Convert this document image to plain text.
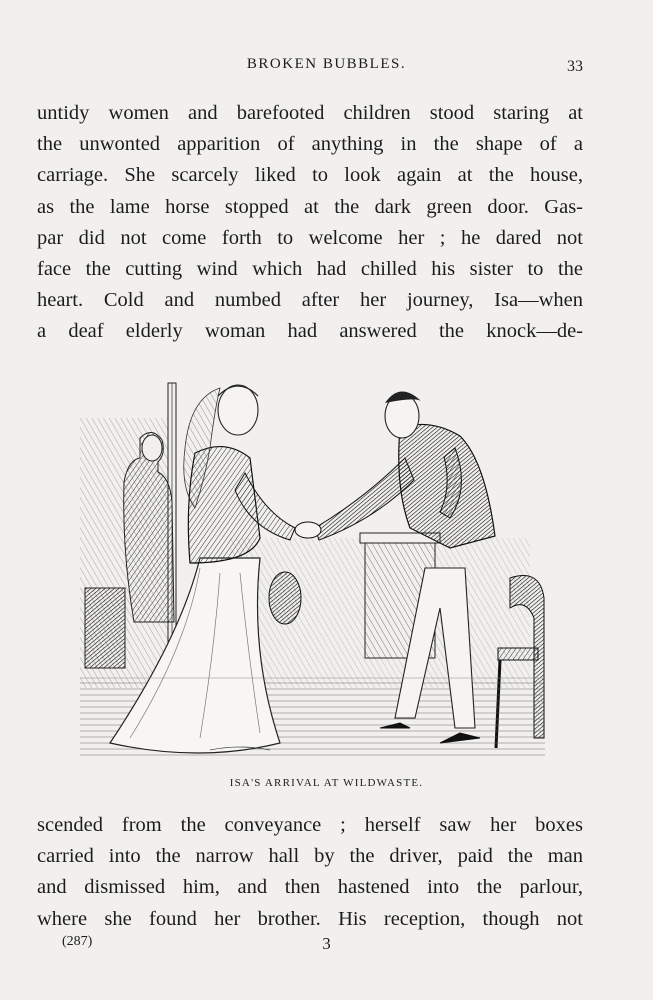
BROKEN BUBBLES.	33
untidy women and barefooted children stood staring at
the unwonted apparition of anything in the shape of a
carriage. She scarcely liked to look again at the house,
as the lame horse stopped at the dark green door. Gas-
par did not come forth to welcome her ; he dared not
face the cutting wind which had chilled his sister to the
heart. Cold and numbed after her journey, Isa—when
a deaf elderly woman had answered the knock—de-
ISA'S ARRIVAL AT WILDWASTE.
scended from the conveyance ; herself saw her boxes
carried into the narrow hall by the driver, paid the man
and dismissed him, and then hastened into the parlour,
where she found her brother. His reception, though not
(287)	3
